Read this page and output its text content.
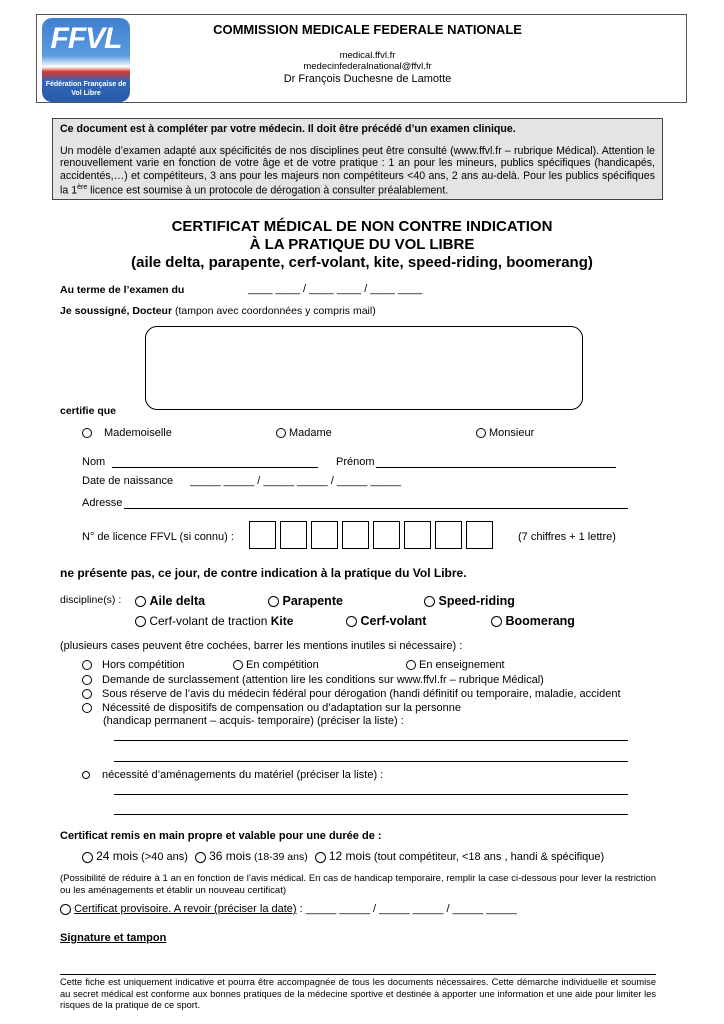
FFVL
Fédération Française de Vol Libre
COMMISSION MEDICALE FEDERALE NATIONALE
medical.ffvl.fr
medecinfederalnational@ffvl.fr
Dr François Duchesne de Lamotte
Ce document est à compléter par votre médecin. Il doit être précédé d’un examen clinique.
Un modèle d’examen adapté aux spécificités de nos disciplines peut être consulté (www.ffvl.fr – rubrique Médical). Attention le renouvellement varie en fonction de votre âge et de votre pratique : 1 an pour les mineurs, publics spécifiques (handicapés, accidentés,…) et compétiteurs, 3 ans pour les majeurs non compétiteurs <40 ans, 2 ans au-delà. Pour les publics spécifiques la 1ère licence est soumise à un protocole de dérogation à consulter préalablement.
CERTIFICAT MÉDICAL DE NON CONTRE INDICATION
À LA PRATIQUE DU VOL LIBRE
(aile delta, parapente, cerf-volant, kite, speed-riding, boomerang)
Au terme de l’examen du	____ ____ / ____ ____ / ____ ____
Je soussigné, Docteur (tampon avec coordonnées y compris mail)
certifie que
Mademoiselle	Madame	Monsieur
Nom	Prénom
Date de naissance _____ _____ / _____ _____ / _____ _____
Adresse
N° de licence FFVL (si connu) :	(7 chiffres + 1 lettre)
ne présente pas, ce jour, de contre indication à la pratique du Vol Libre.
discipline(s) :	Aile delta	Parapente	Speed-riding
Cerf-volant de traction Kite	Cerf-volant	Boomerang
(plusieurs cases peuvent être cochées, barrer les mentions inutiles si nécessaire) :
Hors compétition	En compétition	En enseignement
Demande de surclassement (attention lire les conditions sur www.ffvl.fr – rubrique Médical)
Sous réserve de l’avis du médecin fédéral pour dérogation (handi définitif ou temporaire, maladie, accident
Nécessité de dispositifs de compensation ou d’adaptation sur la personne
(handicap permanent – acquis- temporaire) (préciser la liste) :
nécessité d’aménagements du matériel (préciser la liste) :
Certificat remis en main propre et valable pour une durée de :
24 mois (>40 ans) 36 mois (18-39 ans) 12 mois (tout compétiteur, <18 ans , handi & spécifique)
(Possibilité de réduire à 1 an en fonction de l’avis médical. En cas de handicap temporaire, remplir la case ci-dessous pour lever la restriction ou les aménagements et établir un nouveau certificat)
Certificat provisoire. A revoir (préciser la date) : _____ _____ / _____ _____ / _____ _____
Signature et tampon
Cette fiche est uniquement indicative et pourra être accompagnée de tous les documents nécessaires. Cette démarche individuelle et soumise au secret médical est conforme aux bonnes pratiques de la médecine sportive et destinée à apporter une information et une aide pour limiter les risques de la pratique de ce sport.
